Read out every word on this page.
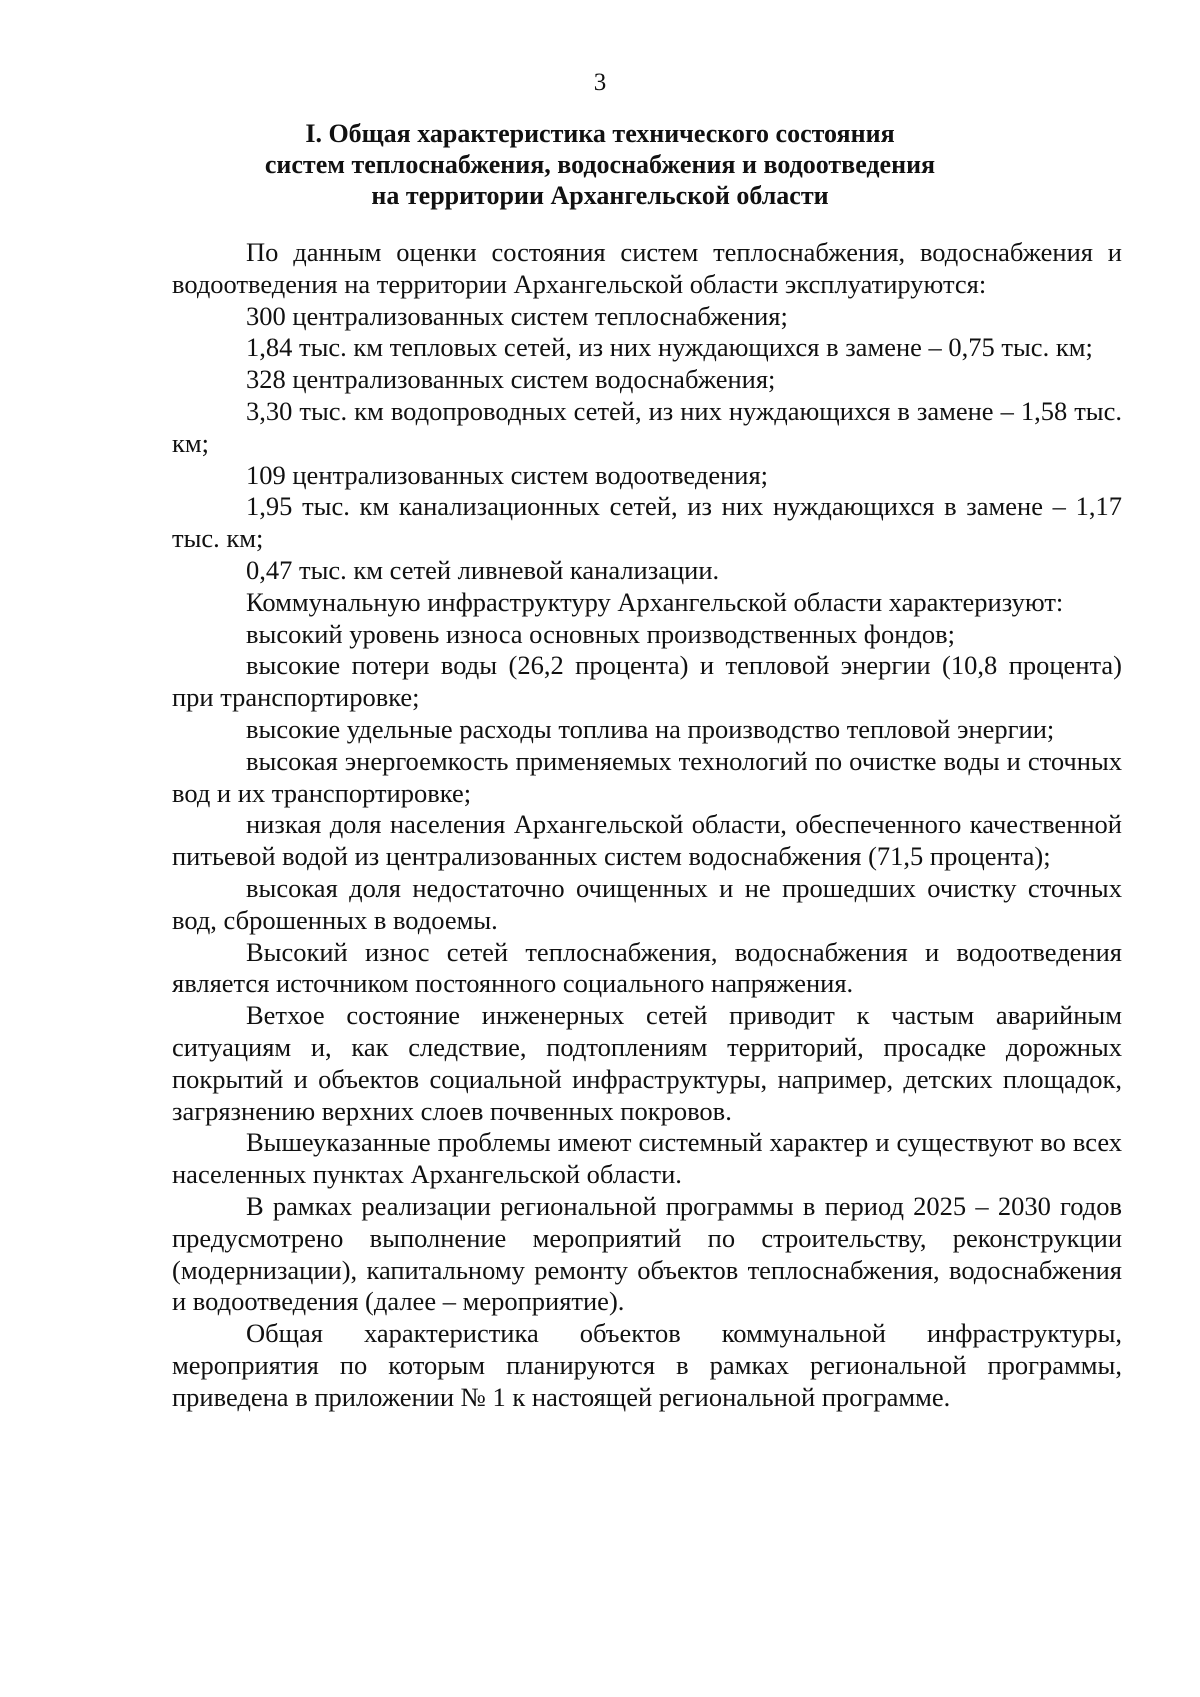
3
I. Общая характеристика технического состояния
систем теплоснабжения, водоснабжения и водоотведения
на территории Архангельской области

По данным оценки состояния систем теплоснабжения, водоснабжения и водоотведения на территории Архангельской области эксплуатируются:

300 централизованных систем теплоснабжения;

1,84 тыс. км тепловых сетей, из них нуждающихся в замене – 0,75 тыс. км;

328 централизованных систем водоснабжения;

3,30 тыс. км водопроводных сетей, из них нуждающихся в замене – 1,58 тыс. км;

109 централизованных систем водоотведения;

1,95 тыс. км канализационных сетей, из них нуждающихся в замене – 1,17 тыс. км;

0,47 тыс. км сетей ливневой канализации.

Коммунальную инфраструктуру Архангельской области характеризуют:

высокий уровень износа основных производственных фондов;

высокие потери воды (26,2 процента) и тепловой энергии (10,8 процента) при транспортировке;

высокие удельные расходы топлива на производство тепловой энергии;

высокая энергоемкость применяемых технологий по очистке воды и сточных вод и их транспортировке;

низкая доля населения Архангельской области, обеспеченного качественной питьевой водой из централизованных систем водоснабжения (71,5 процента);

высокая доля недостаточно очищенных и не прошедших очистку сточных вод, сброшенных в водоемы.

Высокий износ сетей теплоснабжения, водоснабжения и водоотведения является источником постоянного социального напряжения.

Ветхое состояние инженерных сетей приводит к частым аварийным ситуациям и, как следствие, подтоплениям территорий, просадке дорожных покрытий и объектов социальной инфраструктуры, например, детских площадок, загрязнению верхних слоев почвенных покровов.

Вышеуказанные проблемы имеют системный характер и существуют во всех населенных пунктах Архангельской области.

В рамках реализации региональной программы в период 2025 – 2030 годов предусмотрено выполнение мероприятий по строительству, реконструкции (модернизации), капитальному ремонту объектов теплоснабжения, водоснабжения и водоотведения (далее – мероприятие).

Общая характеристика объектов коммунальной инфраструктуры, мероприятия по которым планируются в рамках региональной программы, приведена в приложении № 1 к настоящей региональной программе.
